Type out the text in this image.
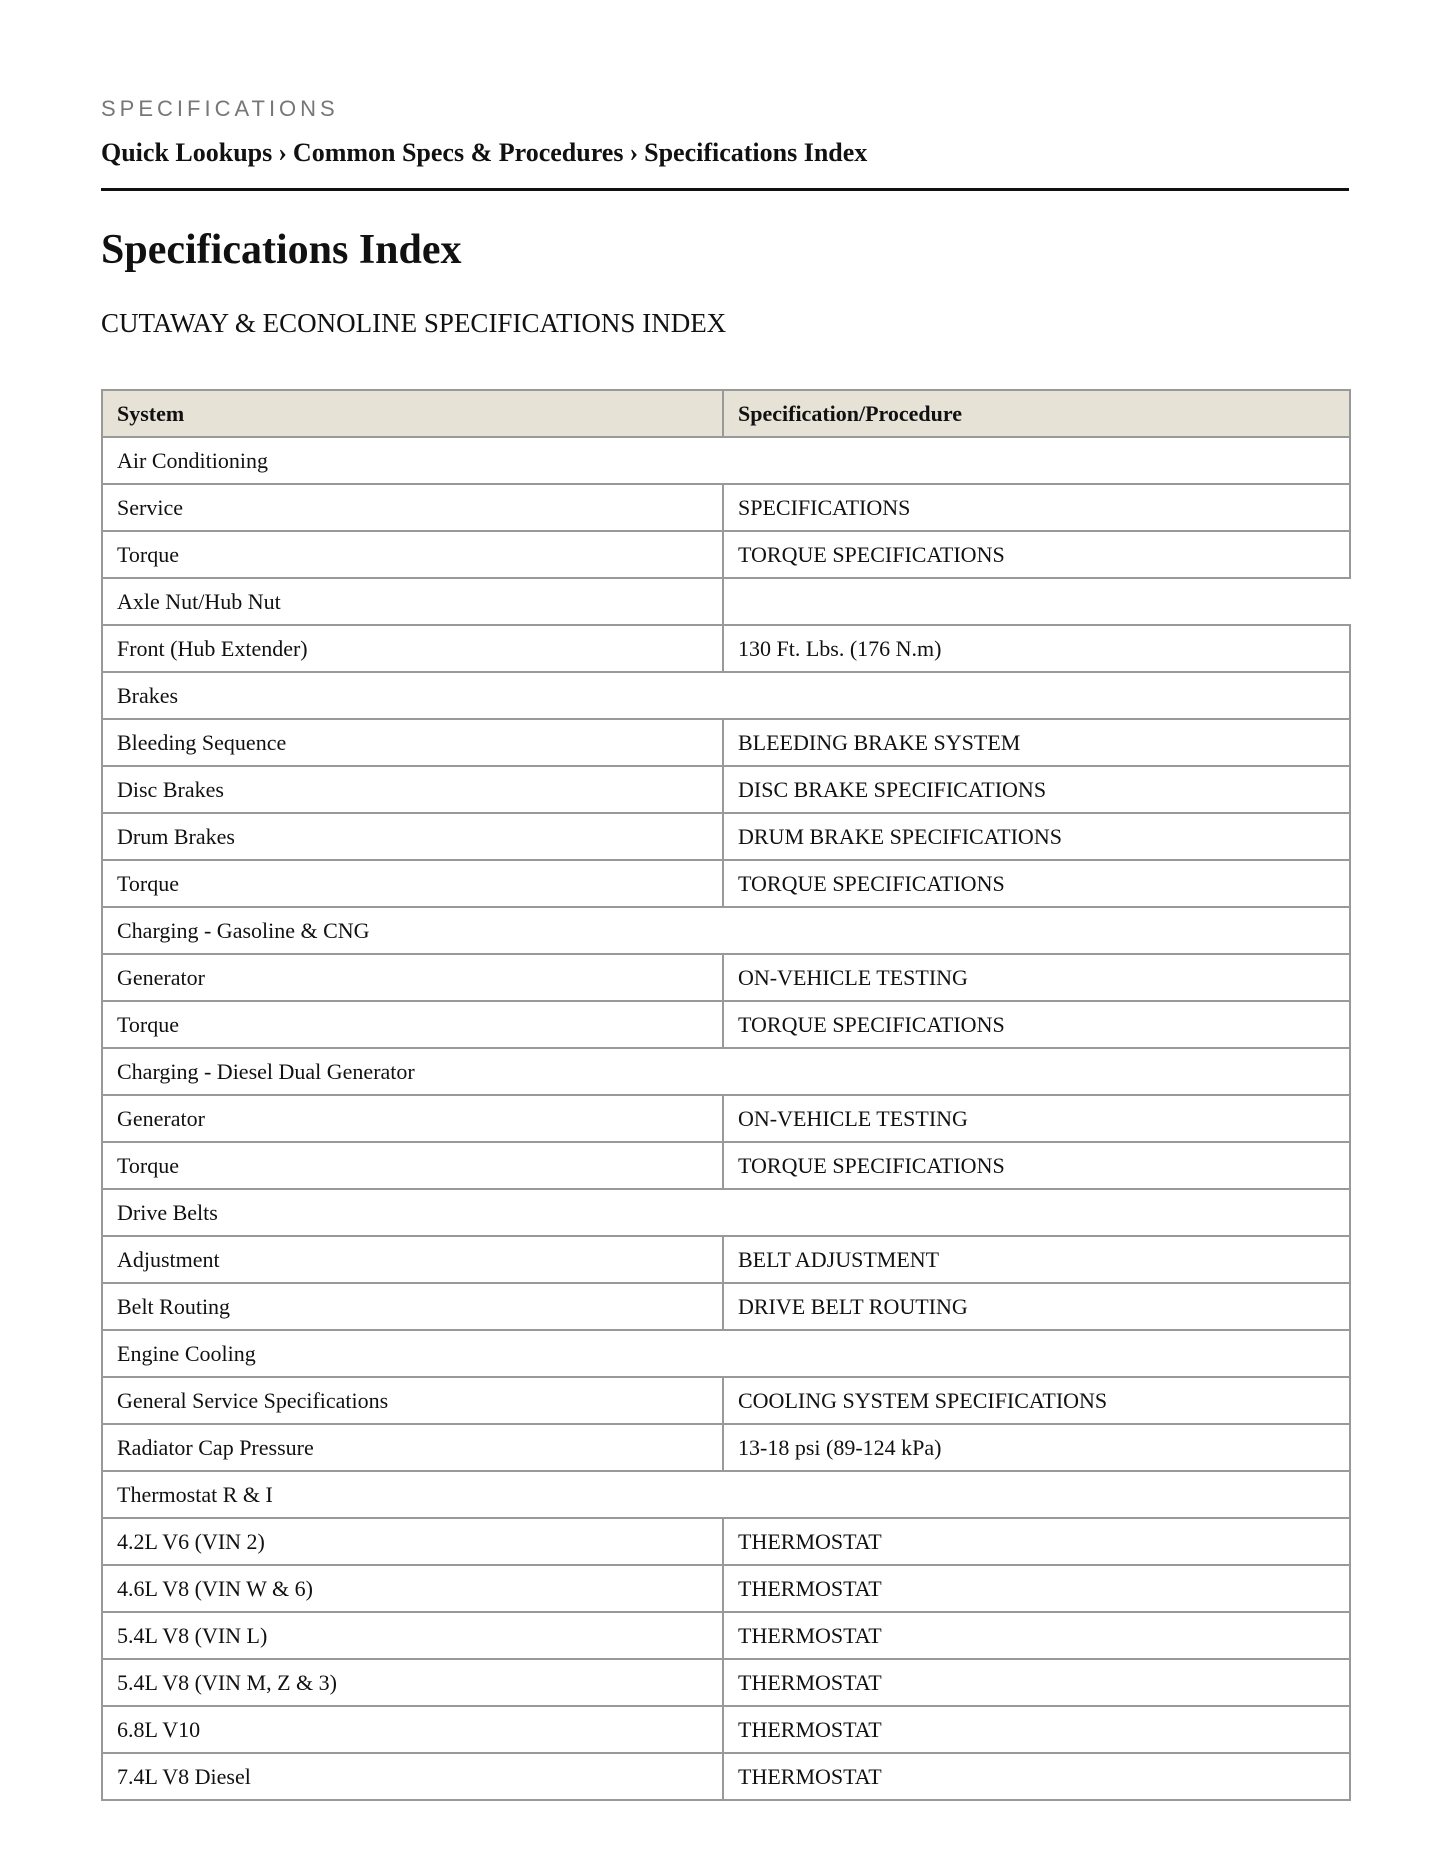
SPECIFICATIONS
Quick Lookups › Common Specs & Procedures › Specifications Index
Specifications Index
CUTAWAY & ECONOLINE SPECIFICATIONS INDEX
System	Specification/Procedure
Air Conditioning	
Service	SPECIFICATIONS
Torque	TORQUE SPECIFICATIONS
Axle Nut/Hub Nut	
Front (Hub Extender)	130 Ft. Lbs. (176 N.m)
Brakes	
Bleeding Sequence	BLEEDING BRAKE SYSTEM
Disc Brakes	DISC BRAKE SPECIFICATIONS
Drum Brakes	DRUM BRAKE SPECIFICATIONS
Torque	TORQUE SPECIFICATIONS
Charging - Gasoline & CNG	
Generator	ON-VEHICLE TESTING
Torque	TORQUE SPECIFICATIONS
Charging - Diesel Dual Generator	
Generator	ON-VEHICLE TESTING
Torque	TORQUE SPECIFICATIONS
Drive Belts	
Adjustment	BELT ADJUSTMENT
Belt Routing	DRIVE BELT ROUTING
Engine Cooling	
General Service Specifications	COOLING SYSTEM SPECIFICATIONS
Radiator Cap Pressure	13-18 psi (89-124 kPa)
Thermostat R & I	
4.2L V6 (VIN 2)	THERMOSTAT
4.6L V8 (VIN W & 6)	THERMOSTAT
5.4L V8 (VIN L)	THERMOSTAT
5.4L V8 (VIN M, Z & 3)	THERMOSTAT
6.8L V10	THERMOSTAT
7.4L V8 Diesel	THERMOSTAT
